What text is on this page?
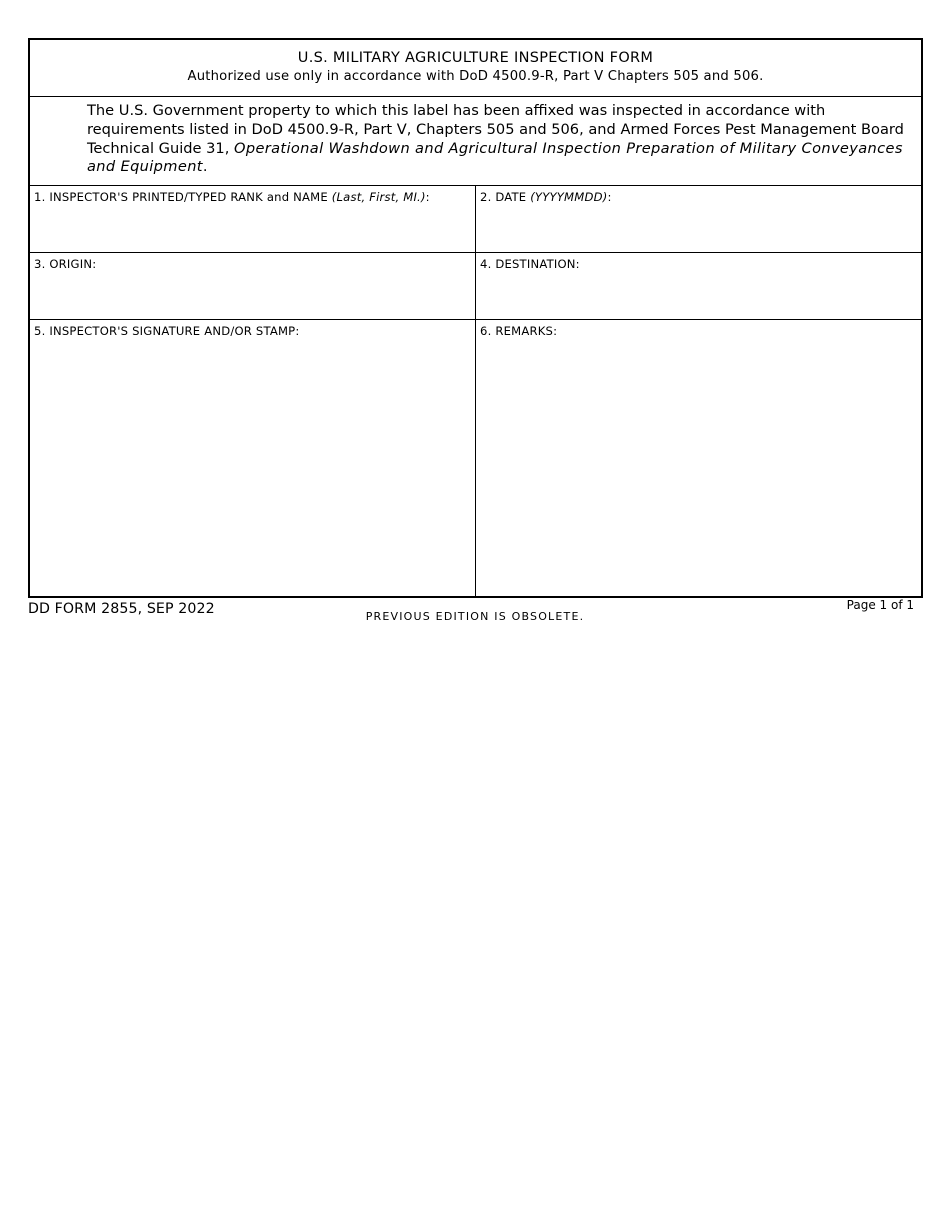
U.S. MILITARY AGRICULTURE INSPECTION FORM
Authorized use only in accordance with DoD 4500.9-R, Part V Chapters 505 and 506.
The U.S. Government property to which this label has been affixed was inspected in accordance with requirements listed in DoD 4500.9-R, Part V, Chapters 505 and 506, and Armed Forces Pest Management Board Technical Guide 31, Operational Washdown and Agricultural Inspection Preparation of Military Conveyances and Equipment.
1. INSPECTOR'S PRINTED/TYPED RANK and NAME (Last, First, MI.):	2. DATE (YYYYMMDD):
3. ORIGIN:	4. DESTINATION:
5. INSPECTOR'S SIGNATURE AND/OR STAMP:	6. REMARKS:
DD FORM 2855, SEP 2022	PREVIOUS EDITION IS OBSOLETE.
Page 1 of 1
